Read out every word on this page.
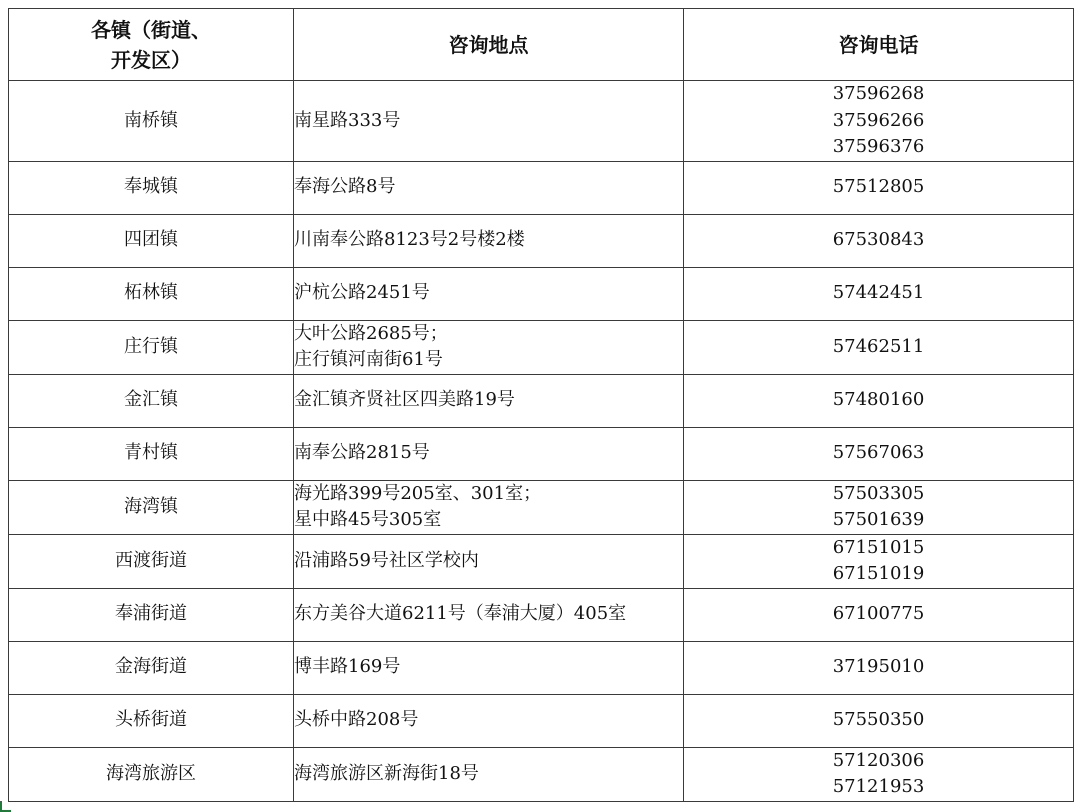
各镇（街道、
开发区）	咨询地点	咨询电话
南桥镇	南星路333号	37596268
37596266
37596376

奉城镇	奉海公路8号	57512805

四团镇	川南奉公路8123号2号楼2楼	67530843

柘林镇	沪杭公路2451号	57442451

庄行镇	大叶公路2685号；
庄行镇河南街61号	57462511

金汇镇	金汇镇齐贤社区四美路19号	57480160

青村镇	南奉公路2815号	57567063

海湾镇	海光路399号205室、301室；
星中路45号305室	57503305
57501639

西渡街道	沿浦路59号社区学校内	67151015
67151019

奉浦街道	东方美谷大道6211号（奉浦大厦）405室	67100775

金海街道	博丰路169号	37195010

头桥街道	头桥中路208号	57550350

海湾旅游区	海湾旅游区新海街18号	57120306
57121953
